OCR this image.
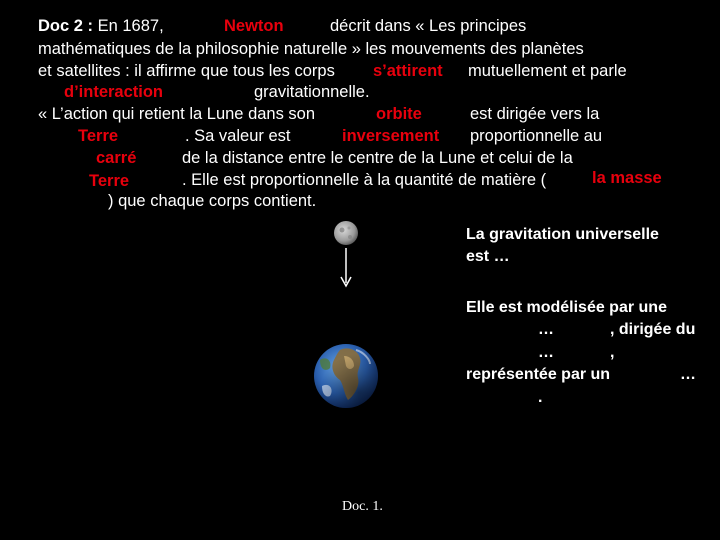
Doc 2 : En 1687,	décrit dans « Les principes
Newton
mathématiques de la philosophie naturelle » les mouvements des planètes
et satellites : il affirme que tous les corps s’attirent mutuellement et parle
d’interaction	gravitationnelle.
« L’action qui retient la Lune dans son	orbite	est dirigée vers la
Terre	. Sa valeur est	inversement proportionnelle au
carré	de la distance entre le centre de la Lune et celui de la
Terre	. Elle est proportionnelle à la quantité de matière (	la masse
) que chaque corps contient.
La gravitation universelle
est …
Elle est modélisée par une
…	, dirigée du
…	,
représentée par un	…
.
Doc. 1.
